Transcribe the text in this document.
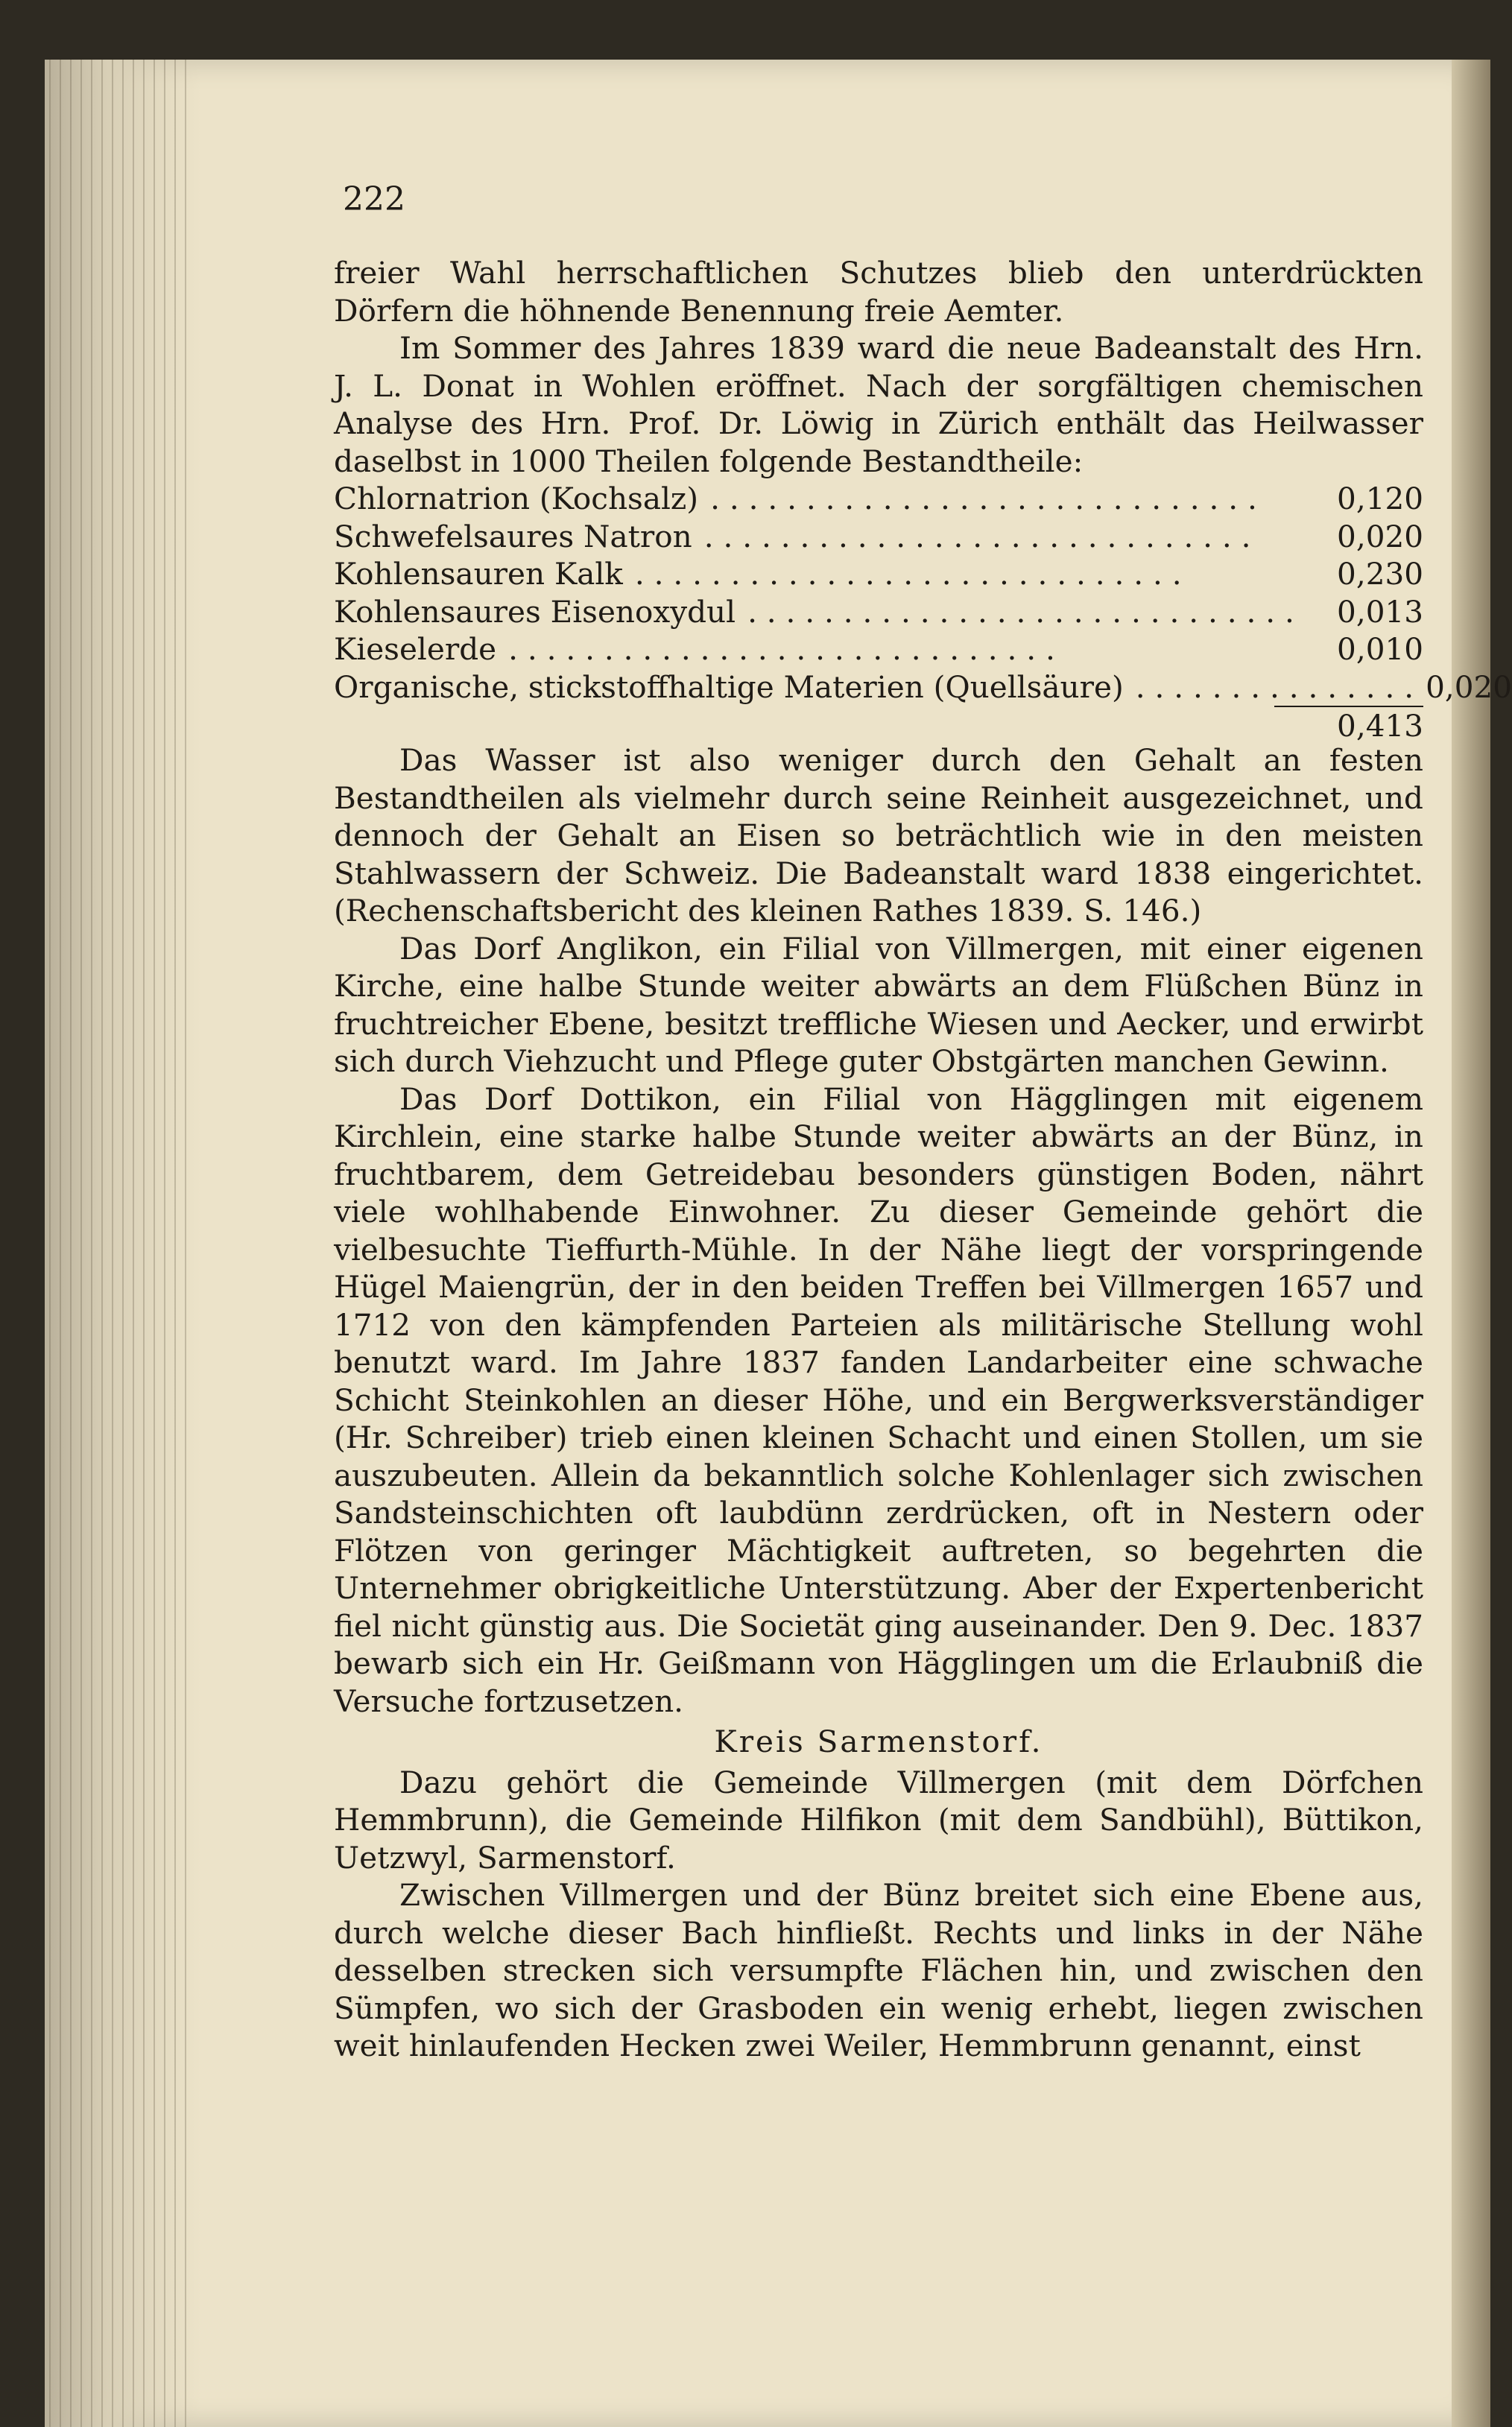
222

freier Wahl herrschaftlichen Schutzes blieb den unterdrückten Dörfern die höhnende Benennung freie Aemter.

Im Sommer des Jahres 1839 ward die neue Badeanstalt des Hrn. J. L. Donat in Wohlen eröffnet. Nach der sorgfältigen chemischen Analyse des Hrn. Prof. Dr. Löwig in Zürich enthält das Heilwasser daselbst in 1000 Theilen folgende Bestandtheile:

Chlornatrion (Kochsalz) . . . . . . . . . . . . . . . . . . . . . . . . . . . . .	0,120
Schwefelsaures Natron . . . . . . . . . . . . . . . . . . . . . . . . . . . . .	0,020
Kohlensauren Kalk . . . . . . . . . . . . . . . . . . . . . . . . . . . . .	0,230
Kohlensaures Eisenoxydul . . . . . . . . . . . . . . . . . . . . . . . . . . . . .	0,013
Kieselerde . . . . . . . . . . . . . . . . . . . . . . . . . . . . .	0,010
Organische, stickstoffhaltige Materien (Quellsäure) . . . . . . . . . . . . . . . 0,020
0,413

Das Wasser ist also weniger durch den Gehalt an festen Bestandtheilen als vielmehr durch seine Reinheit ausgezeichnet, und dennoch der Gehalt an Eisen so beträchtlich wie in den meisten Stahlwassern der Schweiz. Die Badeanstalt ward 1838 eingerichtet. (Rechenschaftsbericht des kleinen Rathes 1839. S. 146.)

Das Dorf Anglikon, ein Filial von Villmergen, mit einer eigenen Kirche, eine halbe Stunde weiter abwärts an dem Flüßchen Bünz in fruchtreicher Ebene, besitzt treffliche Wiesen und Aecker, und erwirbt sich durch Viehzucht und Pflege guter Obstgärten manchen Gewinn.

Das Dorf Dottikon, ein Filial von Hägglingen mit eigenem Kirchlein, eine starke halbe Stunde weiter abwärts an der Bünz, in fruchtbarem, dem Getreidebau besonders günstigen Boden, nährt viele wohlhabende Einwohner. Zu dieser Gemeinde gehört die vielbesuchte Tieffurth-Mühle. In der Nähe liegt der vorspringende Hügel Maiengrün, der in den beiden Treffen bei Villmergen 1657 und 1712 von den kämpfenden Parteien als militärische Stellung wohl benutzt ward. Im Jahre 1837 fanden Landarbeiter eine schwache Schicht Steinkohlen an dieser Höhe, und ein Bergwerksverständiger (Hr. Schreiber) trieb einen kleinen Schacht und einen Stollen, um sie auszubeuten. Allein da bekanntlich solche Kohlenlager sich zwischen Sandsteinschichten oft laubdünn zerdrücken, oft in Nestern oder Flötzen von geringer Mächtigkeit auftreten, so begehrten die Unternehmer obrigkeitliche Unterstützung. Aber der Expertenbericht fiel nicht günstig aus. Die Societät ging auseinander. Den 9. Dec. 1837 bewarb sich ein Hr. Geißmann von Hägglingen um die Erlaubniß die Versuche fortzusetzen.

Kreis Sarmenstorf.

Dazu gehört die Gemeinde Villmergen (mit dem Dörfchen Hemmbrunn), die Gemeinde Hilfikon (mit dem Sandbühl), Büttikon, Uetzwyl, Sarmenstorf.

Zwischen Villmergen und der Bünz breitet sich eine Ebene aus, durch welche dieser Bach hinfließt. Rechts und links in der Nähe desselben strecken sich versumpfte Flächen hin, und zwischen den Sümpfen, wo sich der Grasboden ein wenig erhebt, liegen zwischen weit hinlaufenden Hecken zwei Weiler, Hemmbrunn genannt, einst
